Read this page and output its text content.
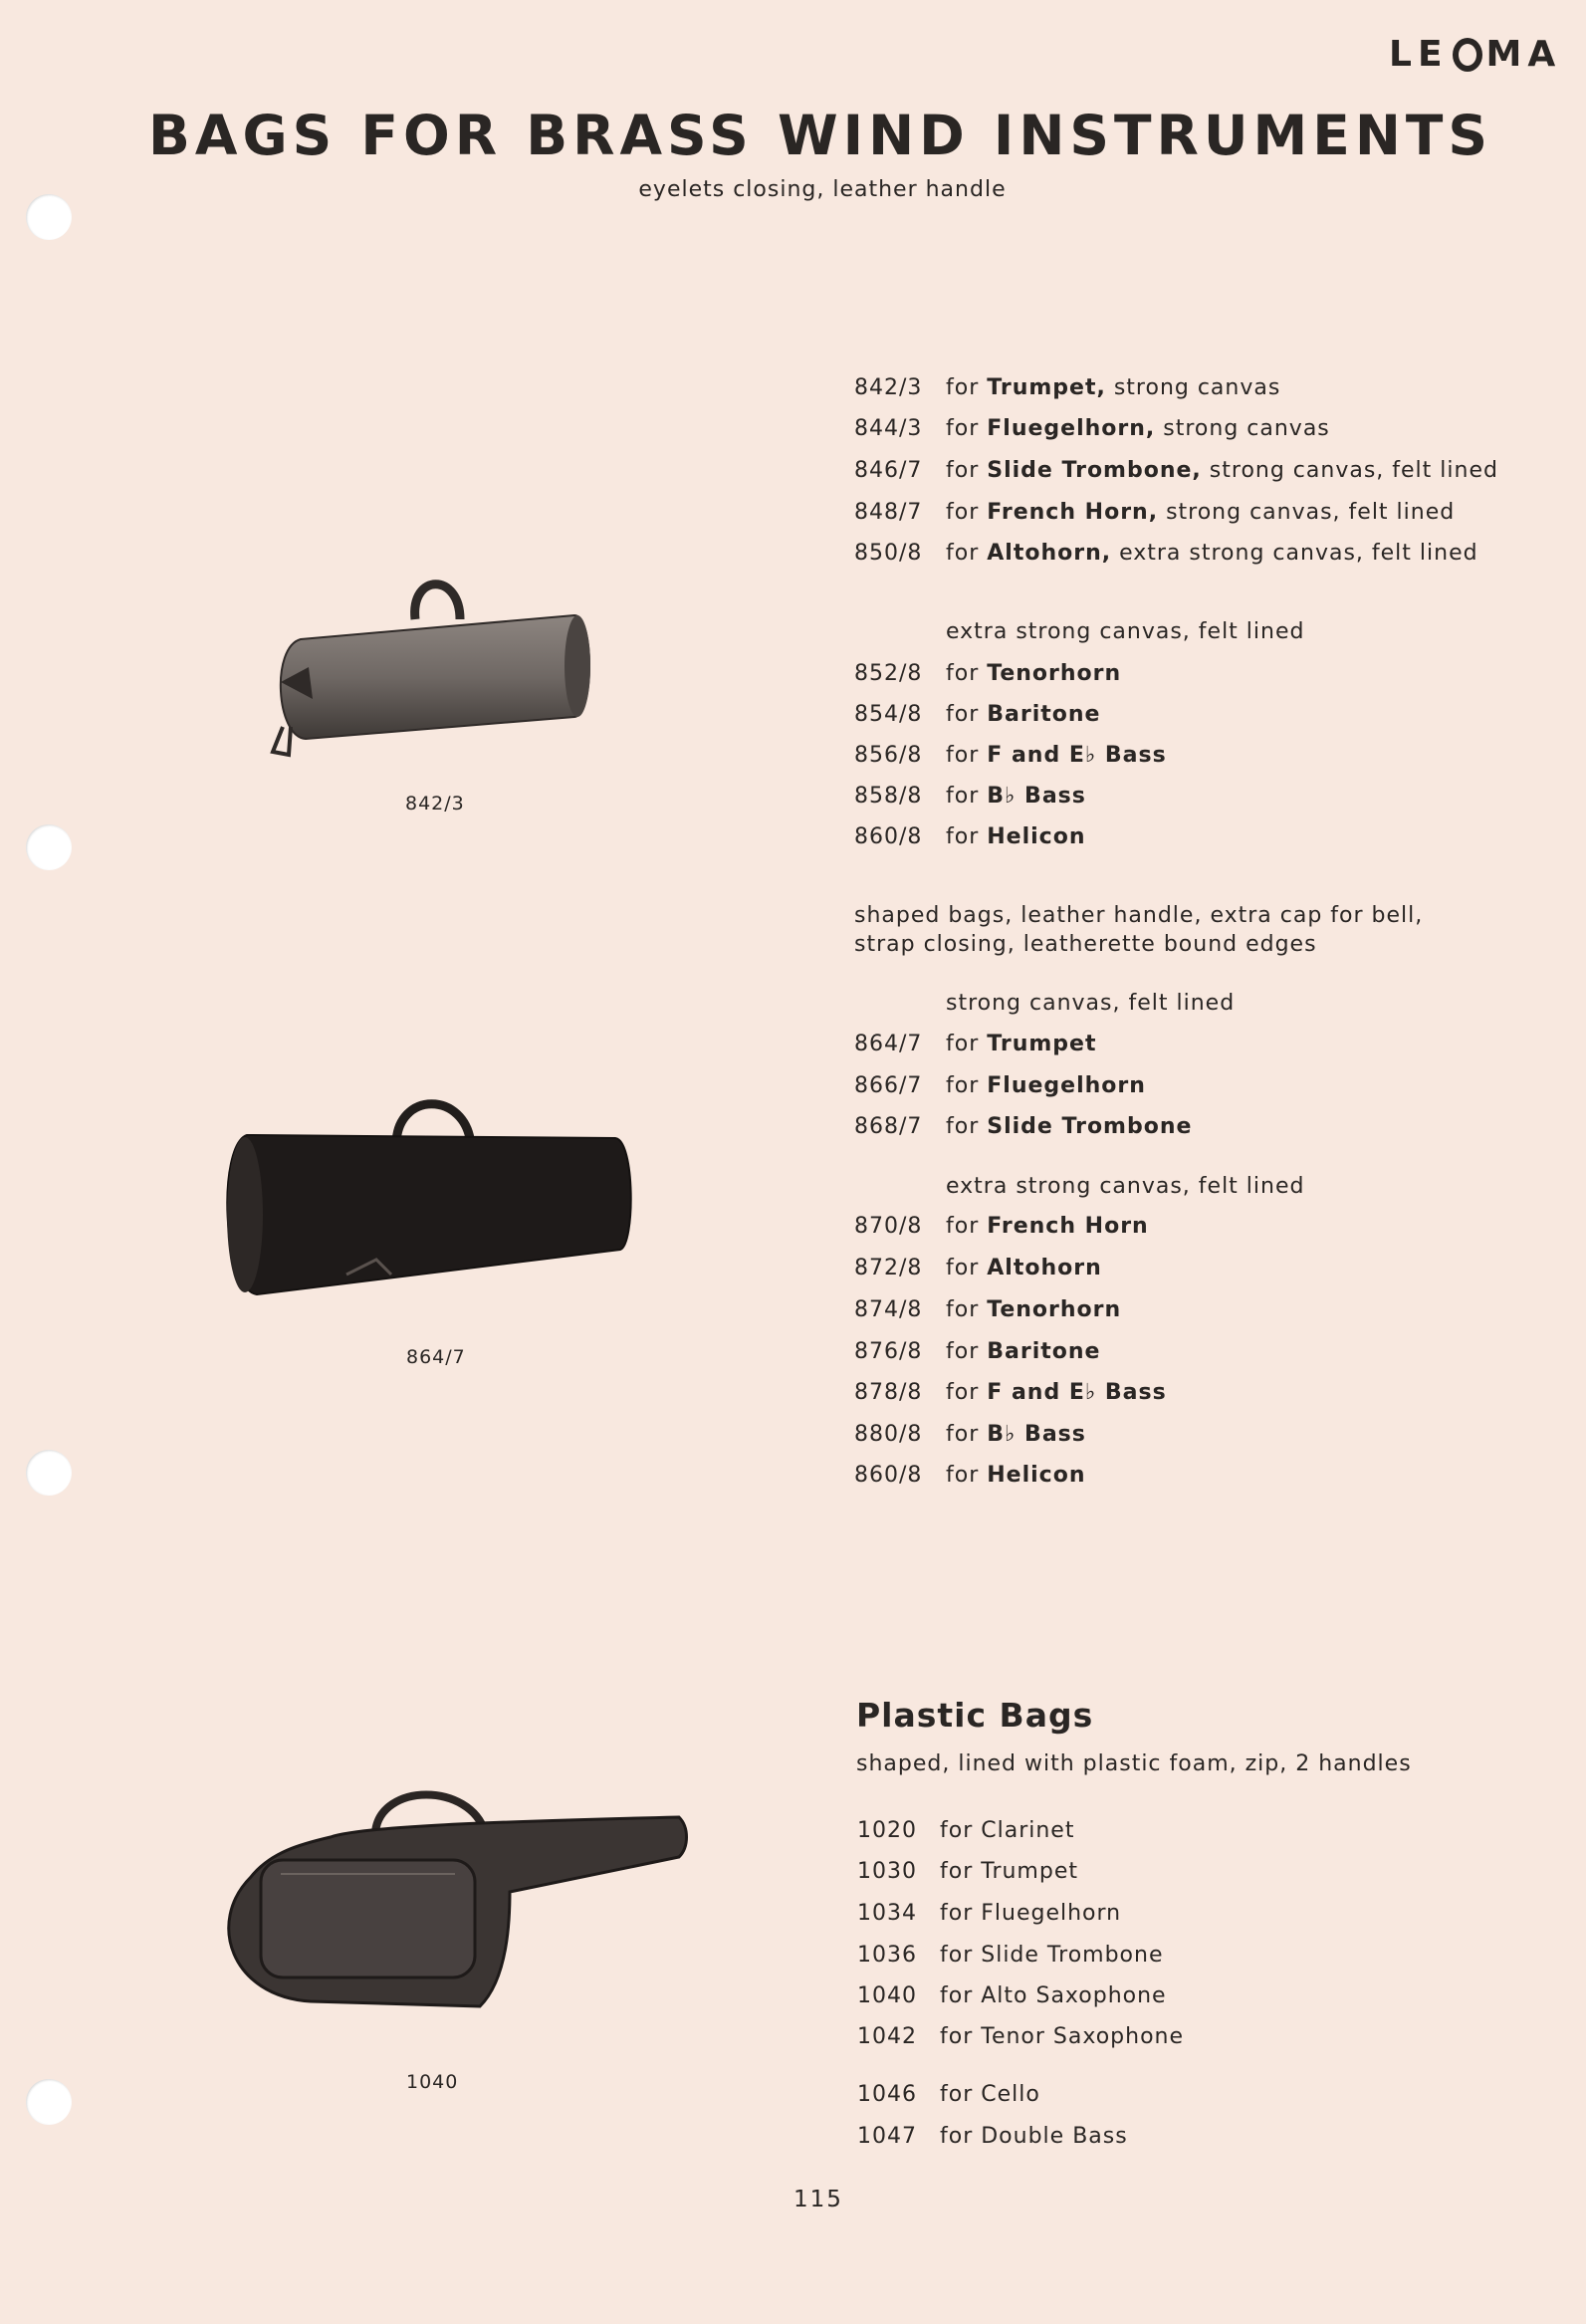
LE MA
BAGS FOR BRASS WIND INSTRUMENTS
eyelets closing, leather handle
842/3
864/7
1040
842/3 for Trumpet, strong canvas
844/3 for Fluegelhorn, strong canvas
846/7 for Slide Trombone, strong canvas, felt lined
848/7 for French Horn, strong canvas, felt lined
850/8 for Altohorn, extra strong canvas, felt lined
extra strong canvas, felt lined
852/8 for Tenorhorn
854/8 for Baritone
856/8 for F and E♭ Bass
858/8 for B♭ Bass
860/8 for Helicon
shaped bags, leather handle, extra cap for bell,
strap closing, leatherette bound edges
strong canvas, felt lined
864/7 for Trumpet
866/7 for Fluegelhorn
868/7 for Slide Trombone
extra strong canvas, felt lined
870/8 for French Horn
872/8 for Altohorn
874/8 for Tenorhorn
876/8 for Baritone
878/8 for F and E♭ Bass
880/8 for B♭ Bass
860/8 for Helicon
Plastic Bags
shaped, lined with plastic foam, zip, 2 handles
1020 for Clarinet
1030 for Trumpet
1034 for Fluegelhorn
1036 for Slide Trombone
1040 for Alto Saxophone
1042 for Tenor Saxophone
1046 for Cello
1047 for Double Bass
115
